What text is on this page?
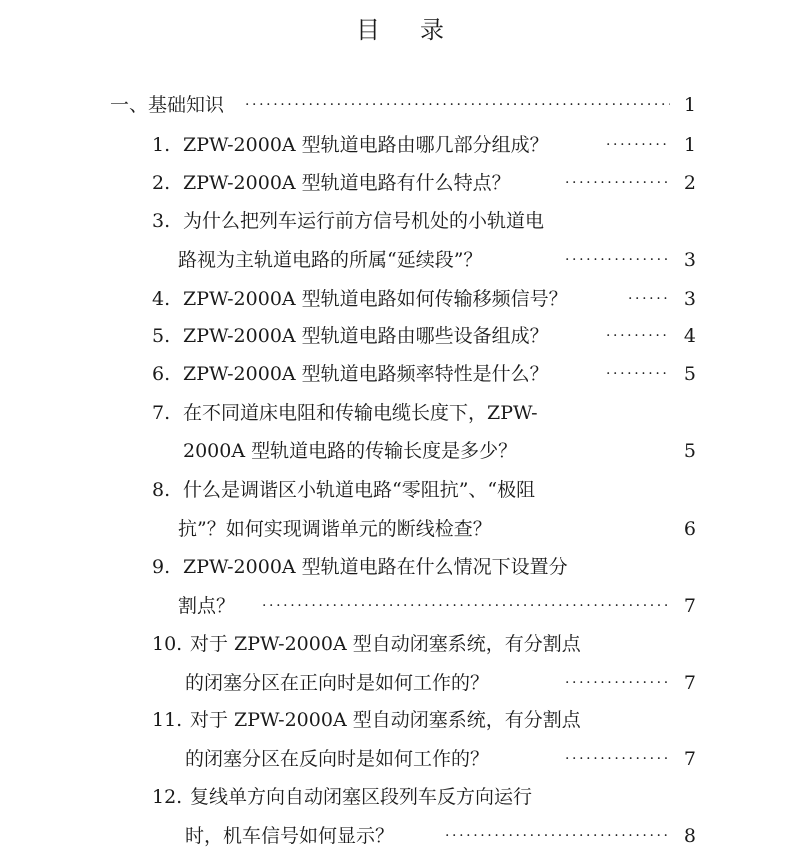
目录
一、基础知识 ·····	1
1. ZPW-2000A 型轨道电路由哪几部分组成？ ·····	1
2. ZPW-2000A 型轨道电路有什么特点？ ·····	2
3. 为什么把列车运行前方信号机处的小轨道电
路视为主轨道电路的所属“延续段”？ ·····	3
4. ZPW-2000A 型轨道电路如何传输移频信号？ ·····	3
5. ZPW-2000A 型轨道电路由哪些设备组成？ ·····	4
6. ZPW-2000A 型轨道电路频率特性是什么？ ·····	5
7. 在不同道床电阻和传输电缆长度下，ZPW-
2000A 型轨道电路的传输长度是多少？	5
8. 什么是调谐区小轨道电路“零阻抗”、“极阻
抗”？如何实现调谐单元的断线检查？	6
9. ZPW-2000A 型轨道电路在什么情况下设置分
割点？ ·····	7
10. 对于 ZPW-2000A 型自动闭塞系统，有分割点
的闭塞分区在正向时是如何工作的？ ·····	7
11. 对于 ZPW-2000A 型自动闭塞系统，有分割点
的闭塞分区在反向时是如何工作的？ ·····	7
12. 复线单方向自动闭塞区段列车反方向运行
时，机车信号如何显示？ ·····	8
